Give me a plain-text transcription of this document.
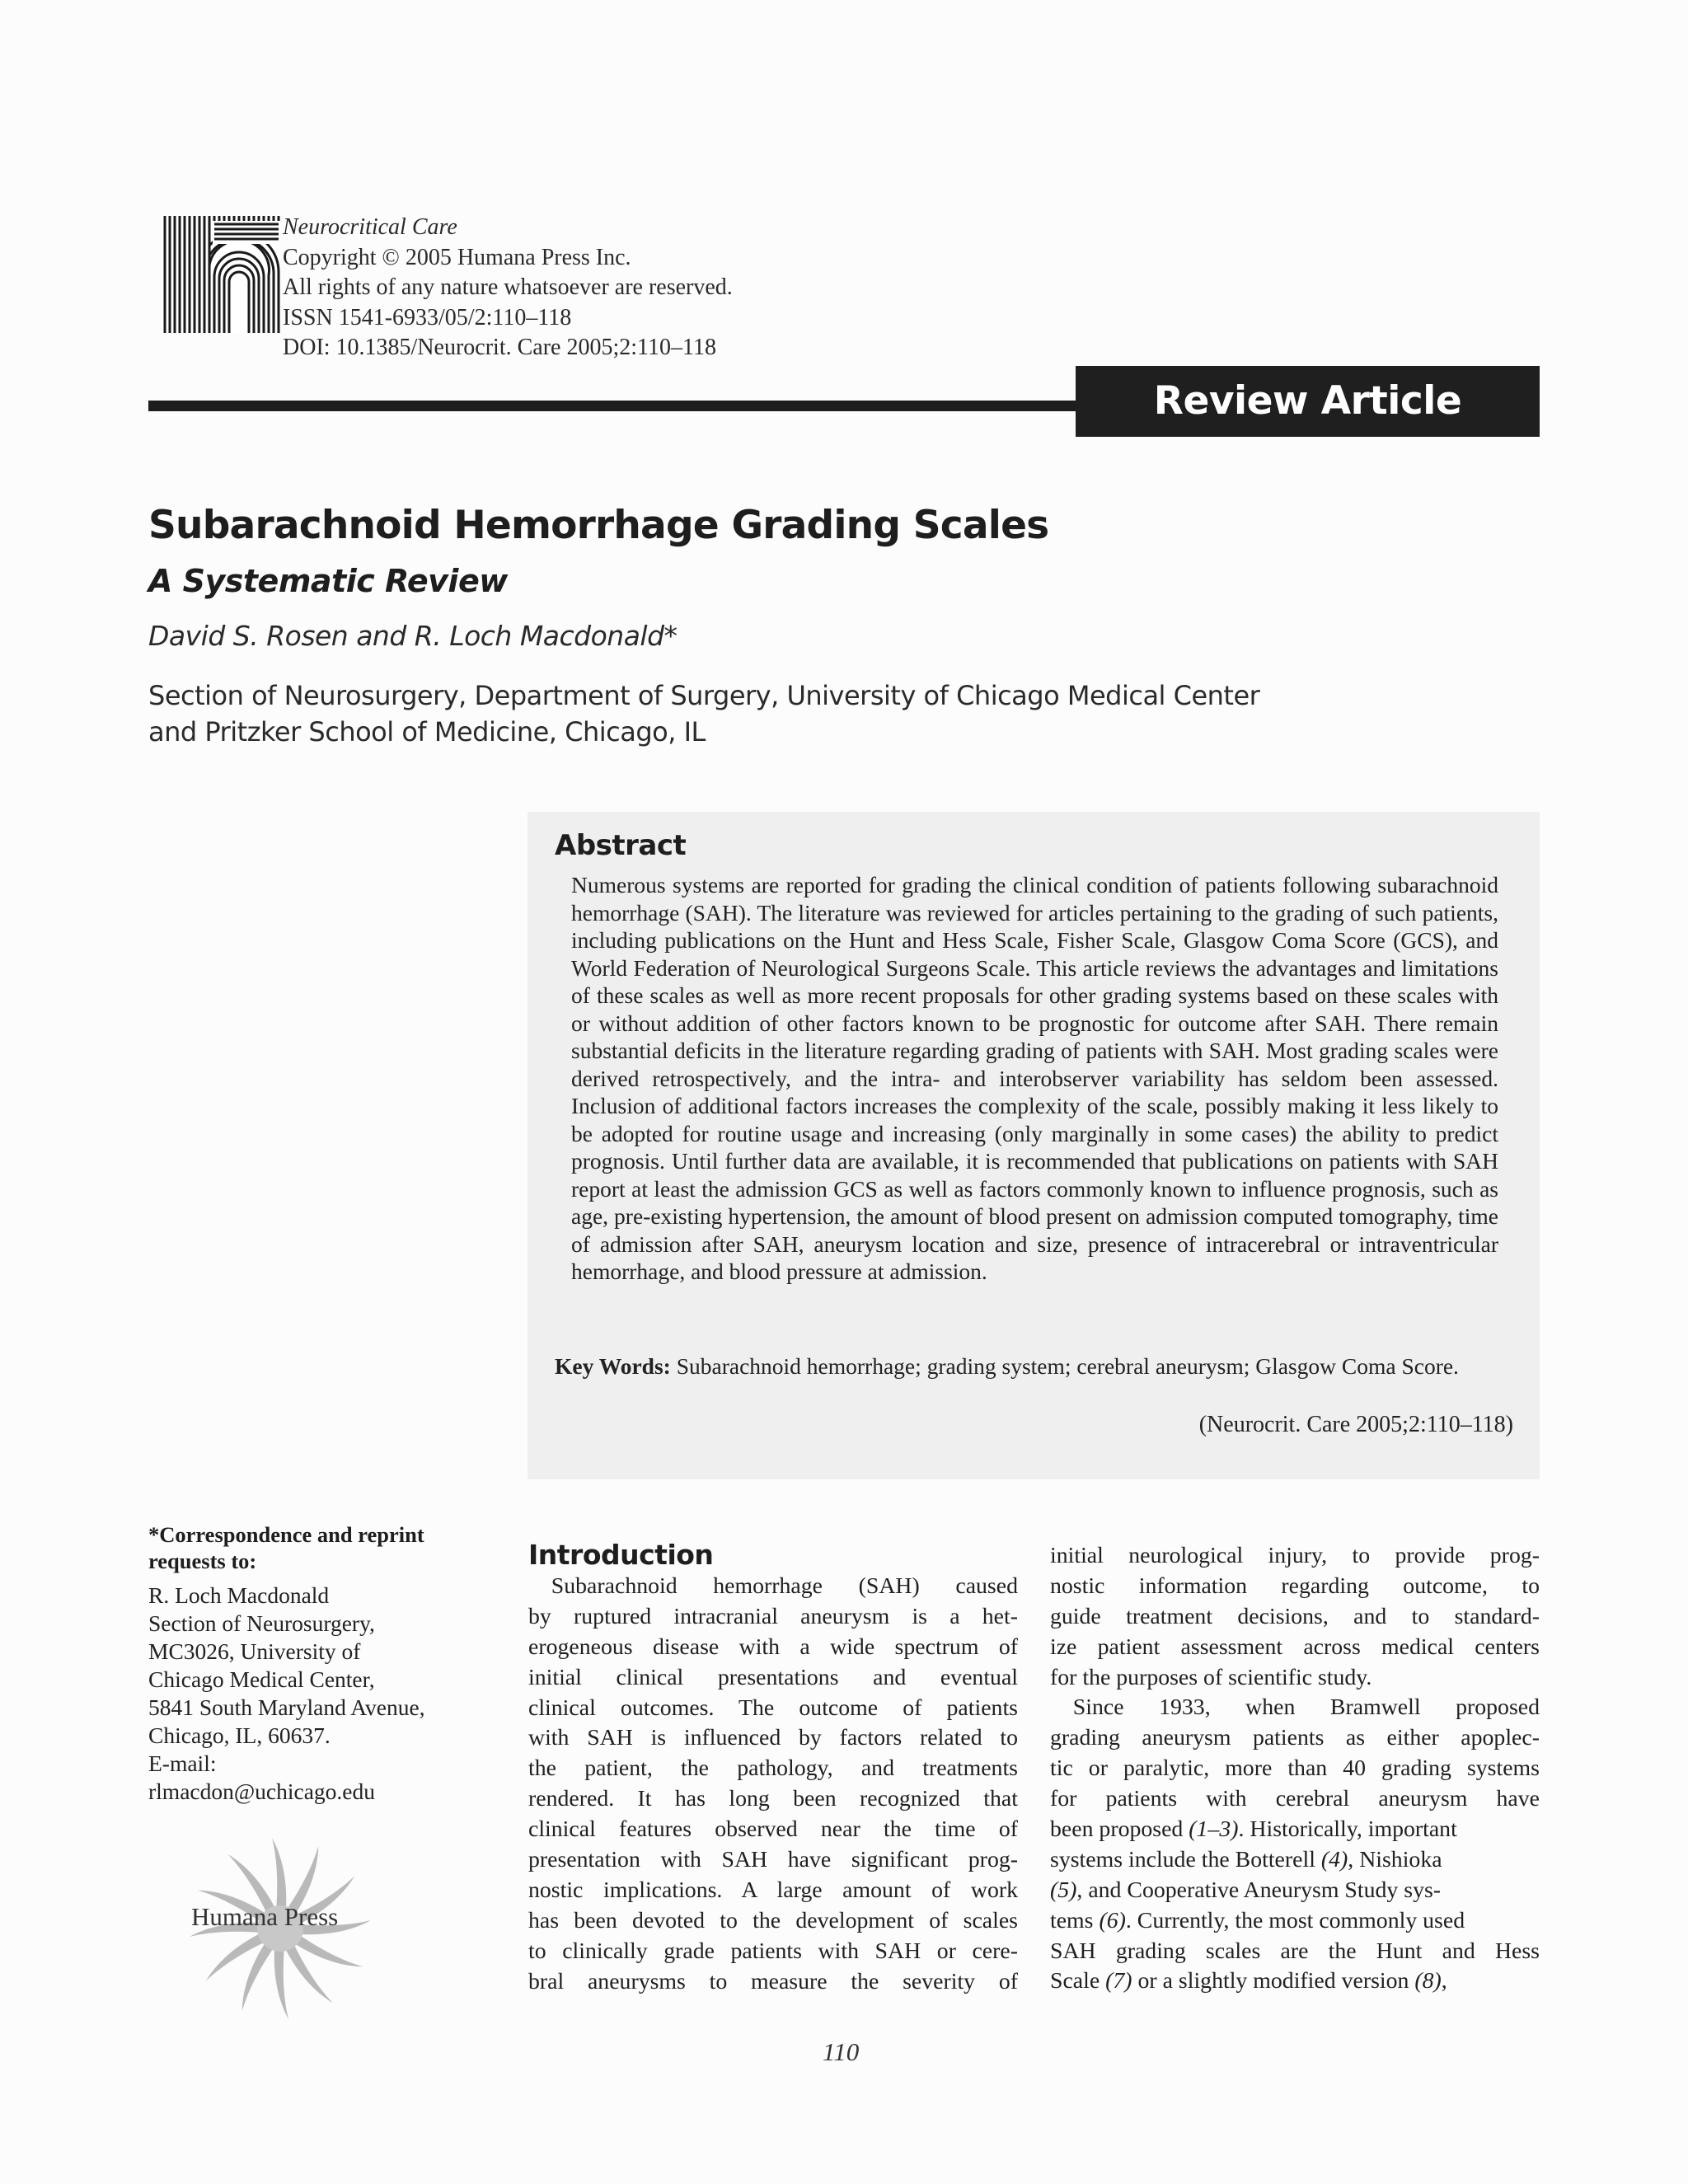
Neurocritical Care
Copyright © 2005 Humana Press Inc.
All rights of any nature whatsoever are reserved.
ISSN 1541-6933/05/2:110–118
DOI: 10.1385/Neurocrit. Care 2005;2:110–118
Review Article
Subarachnoid Hemorrhage Grading Scales
A Systematic Review
David S. Rosen and R. Loch Macdonald*
Section of Neurosurgery, Department of Surgery, University of Chicago Medical Center
and Pritzker School of Medicine, Chicago, IL
Abstract
Numerous systems are reported for grading the clinical condition of patients following subarachnoid hemorrhage (SAH). The literature was reviewed for articles pertaining to the grading of such patients, including publications on the Hunt and Hess Scale, Fisher Scale, Glasgow Coma Score (GCS), and World Federation of Neurological Surgeons Scale. This article reviews the advantages and limitations of these scales as well as more recent proposals for other grading systems based on these scales with or without addition of other factors known to be prognostic for outcome after SAH. There remain substantial deficits in the literature regarding grading of patients with SAH. Most grading scales were derived retrospectively, and the intra- and interobserver variability has seldom been assessed. Inclusion of additional factors increases the complexity of the scale, possibly making it less likely to be adopted for routine usage and increasing (only marginally in some cases) the ability to predict prognosis. Until further data are available, it is recommended that publications on patients with SAH report at least the admission GCS as well as factors commonly known to influence prognosis, such as age, pre-existing hypertension, the amount of blood present on admission computed tomography, time of admission after SAH, aneurysm location and size, presence of intracerebral or intraventricular hemorrhage, and blood pressure at admission.
Key Words: Subarachnoid hemorrhage; grading system; cerebral aneurysm; Glasgow Coma Score.
(Neurocrit. Care 2005;2:110–118)
*Correspondence and reprint requests to:
R. Loch Macdonald
Section of Neurosurgery,
MC3026, University of
Chicago Medical Center,
5841 South Maryland Avenue,
Chicago, IL, 60637.
E-mail:
rlmacdon@uchicago.edu
Humana Press
Introduction
 Subarachnoid hemorrhage (SAH) caused
by ruptured intracranial aneurysm is a het-
erogeneous disease with a wide spectrum of
initial clinical presentations and eventual
clinical outcomes. The outcome of patients
with SAH is influenced by factors related to
the patient, the pathology, and treatments
rendered. It has long been recognized that
clinical features observed near the time of
presentation with SAH have significant prog-
nostic implications. A large amount of work
has been devoted to the development of scales
to clinically grade patients with SAH or cere-
bral aneurysms to measure the severity of
initial neurological injury, to provide prog-
nostic information regarding outcome, to
guide treatment decisions, and to standard-
ize patient assessment across medical centers
for the purposes of scientific study.
 Since 1933, when Bramwell proposed
grading aneurysm patients as either apoplec-
tic or paralytic, more than 40 grading systems
for patients with cerebral aneurysm have
been proposed (1–3). Historically, important
systems include the Botterell (4), Nishioka
(5), and Cooperative Aneurysm Study sys-
tems (6). Currently, the most commonly used
SAH grading scales are the Hunt and Hess
Scale (7) or a slightly modified version (8),
110
